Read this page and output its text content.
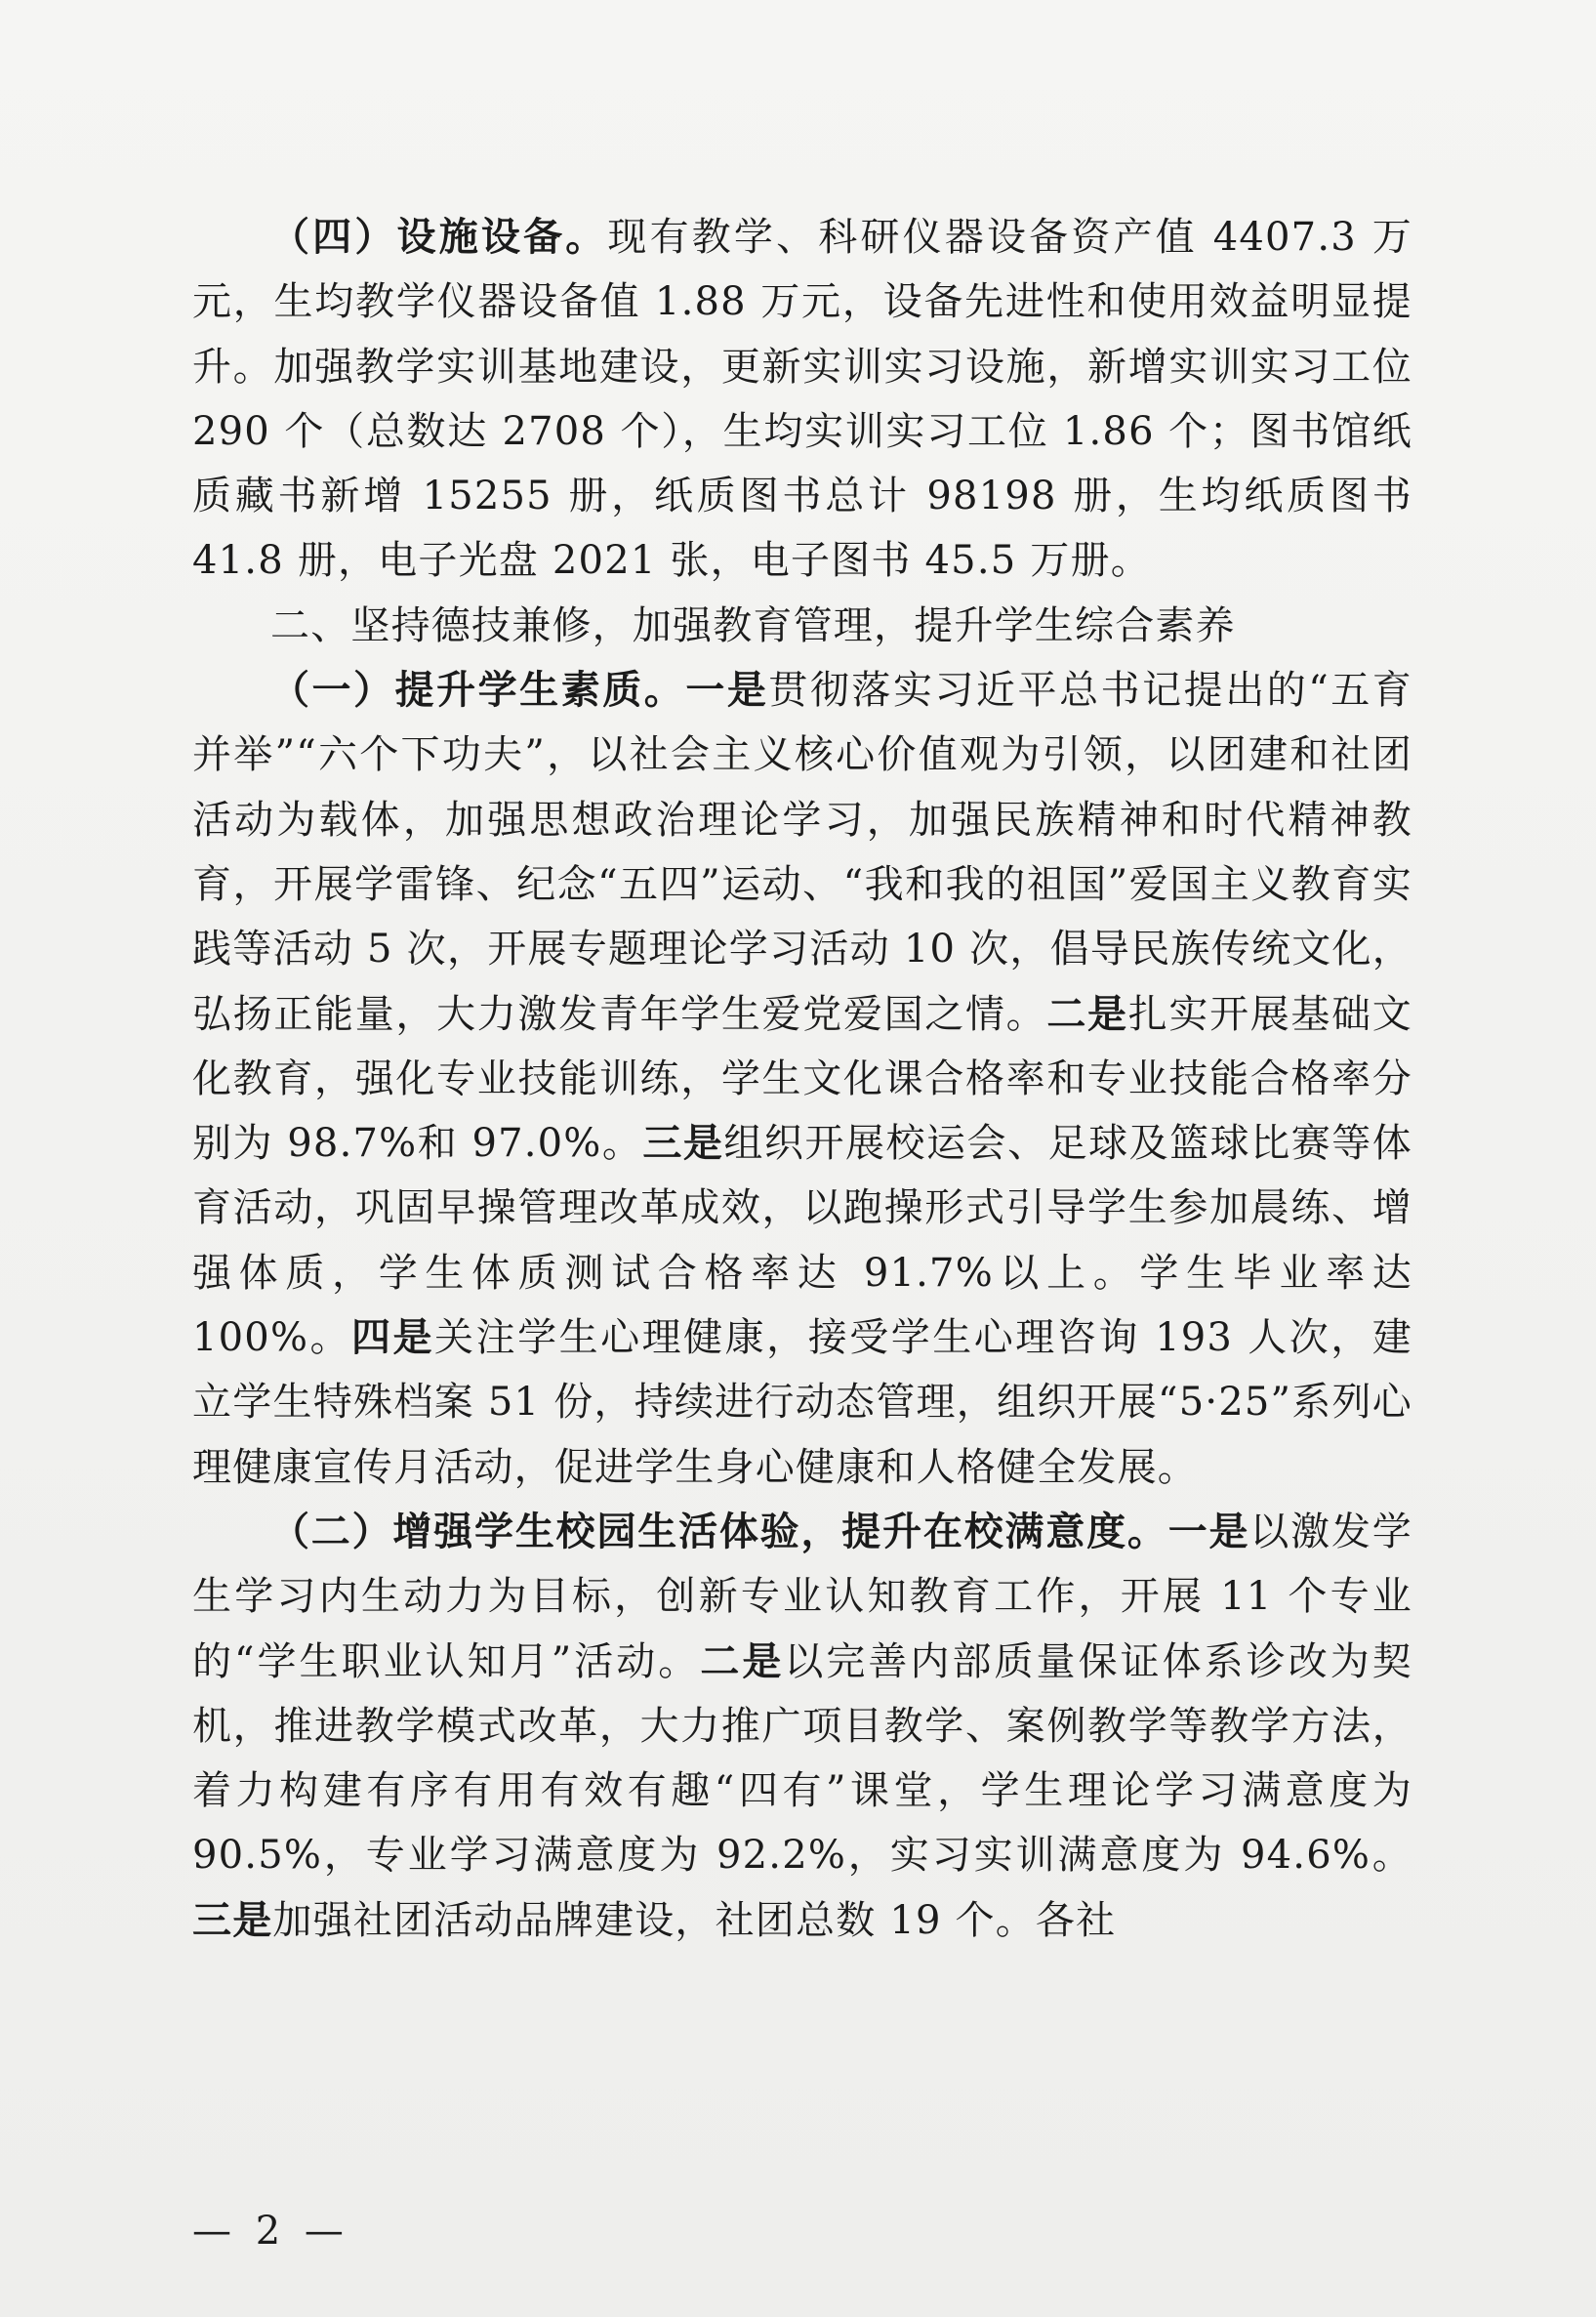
（四）设施设备。现有教学、科研仪器设备资产值 4407.3 万元，生均教学仪器设备值 1.88 万元，设备先进性和使用效益明显提升。加强教学实训基地建设，更新实训实习设施，新增实训实习工位 290 个（总数达 2708 个），生均实训实习工位 1.86 个；图书馆纸质藏书新增 15255 册，纸质图书总计 98198 册，生均纸质图书 41.8 册，电子光盘 2021 张，电子图书 45.5 万册。

二、坚持德技兼修，加强教育管理，提升学生综合素养

（一）提升学生素质。一是贯彻落实习近平总书记提出的“五育并举”“六个下功夫”，以社会主义核心价值观为引领，以团建和社团活动为载体，加强思想政治理论学习，加强民族精神和时代精神教育，开展学雷锋、纪念“五四”运动、“我和我的祖国”爱国主义教育实践等活动 5 次，开展专题理论学习活动 10 次，倡导民族传统文化，弘扬正能量，大力激发青年学生爱党爱国之情。二是扎实开展基础文化教育，强化专业技能训练，学生文化课合格率和专业技能合格率分别为 98.7%和 97.0%。三是组织开展校运会、足球及篮球比赛等体育活动，巩固早操管理改革成效，以跑操形式引导学生参加晨练、增强体质，学生体质测试合格率达 91.7%以上。学生毕业率达 100%。四是关注学生心理健康，接受学生心理咨询 193 人次，建立学生特殊档案 51 份，持续进行动态管理，组织开展“5·25”系列心理健康宣传月活动，促进学生身心健康和人格健全发展。

（二）增强学生校园生活体验，提升在校满意度。一是以激发学生学习内生动力为目标，创新专业认知教育工作，开展 11 个专业的“学生职业认知月”活动。二是以完善内部质量保证体系诊改为契机，推进教学模式改革，大力推广项目教学、案例教学等教学方法，着力构建有序有用有效有趣“四有”课堂，学生理论学习满意度为 90.5%，专业学习满意度为 92.2%，实习实训满意度为 94.6%。三是加强社团活动品牌建设，社团总数 19 个。各社

— 2 —
